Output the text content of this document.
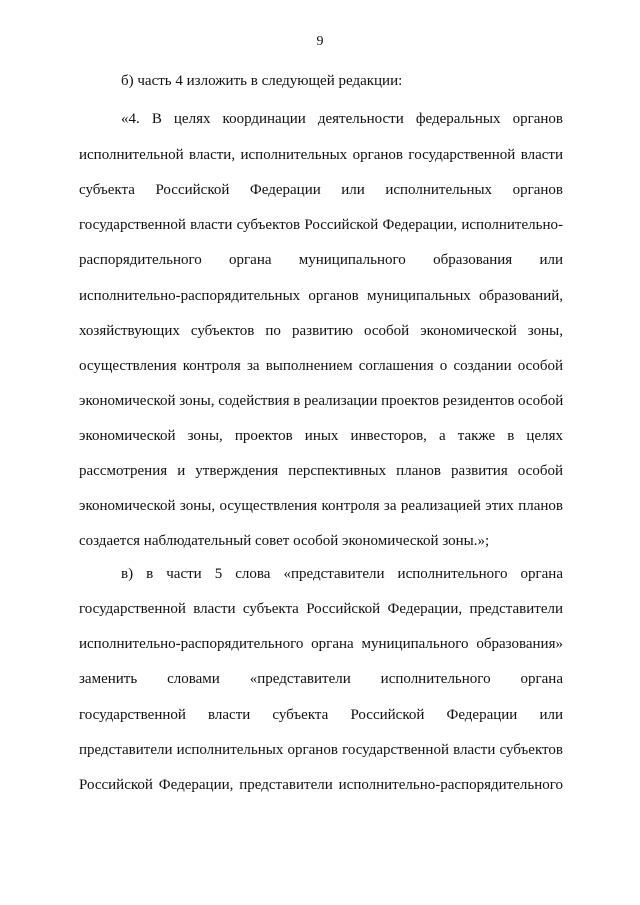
9
б) часть 4 изложить в следующей редакции:
«4. В целях координации деятельности федеральных органов
исполнительной власти, исполнительных органов государственной власти
субъекта Российской Федерации или исполнительных органов
государственной власти субъектов Российской Федерации, исполнительно-
распорядительного органа муниципального образования или
исполнительно-распорядительных органов муниципальных образований,
хозяйствующих субъектов по развитию особой экономической зоны,
осуществления контроля за выполнением соглашения о создании особой
экономической зоны, содействия в реализации проектов резидентов особой
экономической зоны, проектов иных инвесторов, а также в целях
рассмотрения и утверждения перспективных планов развития особой
экономической зоны, осуществления контроля за реализацией этих планов
создается наблюдательный совет особой экономической зоны.»;
в) в части 5 слова «представители исполнительного органа
государственной власти субъекта Российской Федерации, представители
исполнительно-распорядительного органа муниципального образования»
заменить словами «представители исполнительного органа
государственной власти субъекта Российской Федерации или
представители исполнительных органов государственной власти субъектов
Российской Федерации, представители исполнительно-распорядительного
